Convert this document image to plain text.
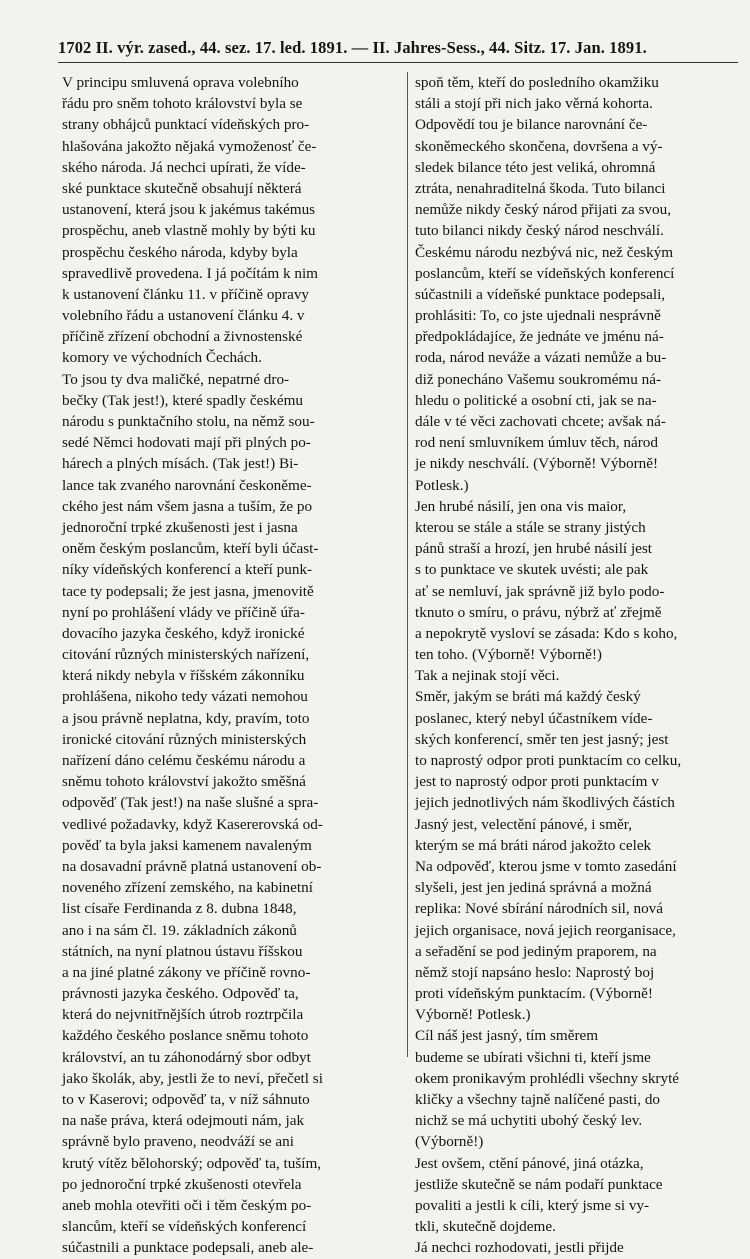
1702 II. výr. zased., 44. sez. 17. led. 1891. — II. Jahres-Sess., 44. Sitz. 17. Jan. 1891.
V principu smluvená oprava volebního
řádu pro sněm tohoto království byla se
strany obhájců punktací vídeňských pro-
hlašována jakožto nějaká vymoženosť če-
ského národa. Já nechci upírati, že víde-
ské punktace skutečně obsahují některá
ustanovení, která jsou k jakémus takémus
prospěchu, aneb vlastně mohly by býti ku
prospěchu českého národa, kdyby byla
spravedlivě provedena. I já počítám k nim
k ustanovení článku 11. v příčině opravy
volebního řádu a ustanovení článku 4. v
příčině zřízení obchodní a živnostenské
komory ve východních Čechách.
To jsou ty dva maličké, nepatrné dro-
bečky (Tak jest!), které spadly českému
národu s punktačního stolu, na němž sou-
sedé Němci hodovati mají při plných po-
hárech a plných mísách. (Tak jest!) Bi-
lance tak zvaného narovnání českoněme-
ckého jest nám všem jasna a tuším, že po
jednoroční trpké zkušenosti jest i jasna
oněm českým poslancům, kteří byli účast-
níky vídeňských konferencí a kteří punk-
tace ty podepsali; že jest jasna, jmenovitě
nyní po prohlášení vlády ve příčině úřa-
dovacího jazyka českého, když ironické
citování různých ministerských nařízení,
která nikdy nebyla v říšském zákonníku
prohlášena, nikoho tedy vázati nemohou
a jsou právně neplatna, kdy, pravím, toto
ironické citování různých ministerských
nařízení dáno celému českému národu a
sněmu tohoto království jakožto směšná
odpověď (Tak jest!) na naše slušné a spra-
vedlivé požadavky, když Kasererovská od-
pověď ta byla jaksi kamenem navaleným
na dosavadní právně platná ustanovení ob-
noveného zřízení zemského, na kabinetní
list císaře Ferdinanda z 8. dubna 1848,
ano i na sám čl. 19. základních zákonů
státních, na nyní platnou ústavu říšskou
a na jiné platné zákony ve příčině rovno-
právnosti jazyka českého. Odpověď ta,
která do nejvnitřnějších útrob roztrpčila
každého českého poslance sněmu tohoto
království, an tu záhonodárný sbor odbyt
jako školák, aby, jestli že to neví, přečetl si
to v Kaserovi; odpověď ta, v níž sáhnuto
na naše práva, která odejmouti nám, jak
správně bylo praveno, neodváží se ani
krutý vítěz bělohorský; odpověď ta, tuším,
po jednoroční trpké zkušenosti otevřela
aneb mohla otevřiti oči i těm českým po-
slancům, kteří se vídeňských konferencí
súčastnili a punktace podepsali, aneb ale-
spoň těm, kteří do posledního okamžiku
stáli a stojí při nich jako věrná kohorta.
Odpovědí tou je bilance narovnání če-
skoněmeckého skončena, dovršena a vý-
sledek bilance této jest veliká, ohromná
ztráta, nenahraditelná škoda. Tuto bilanci
nemůže nikdy český národ přijati za svou,
tuto bilanci nikdy český národ neschválí.
Českému národu nezbývá nic, než českým
poslancům, kteří se vídeňských konferencí
súčastnili a vídeňské punktace podepsali,
prohlásiti: To, co jste ujednali nesprávně
předpokládajíce, že jednáte ve jménu ná-
roda, národ neváže a vázati nemůže a bu-
diž ponecháno Vašemu soukromému ná-
hledu o politické a osobní cti, jak se na-
dále v té věci zachovati chcete; avšak ná-
rod není smluvníkem úmluv těch, národ
je nikdy neschválí. (Výborně! Výborně!
Potlesk.)
Jen hrubé násilí, jen ona vis maior,
kterou se stále a stále se strany jistých
pánů straší a hrozí, jen hrubé násilí jest
s to punktace ve skutek uvésti; ale pak
ať se nemluví, jak správně již bylo podo-
tknuto o smíru, o právu, nýbrž ať zřejmě
a nepokrytě vysloví se zásada: Kdo s koho,
ten toho. (Výborně! Výborně!)
Tak a nejinak stojí věci.
Směr, jakým se bráti má každý český
poslanec, který nebyl účastníkem víde-
ských konferencí, směr ten jest jasný; jest
to naprostý odpor proti punktacím co celku,
jest to naprostý odpor proti punktacím v
jejich jednotlivých nám škodlivých částích
Jasný jest, velectění pánové, i směr,
kterým se má bráti národ jakožto celek
Na odpověď, kterou jsme v tomto zasedání
slyšeli, jest jen jediná správná a možná
replika: Nové sbírání národních sil, nová
jejich organisace, nová jejich reorganisace,
a seřadění se pod jediným praporem, na
němž stojí napsáno heslo: Naprostý boj
proti vídeňským punktacím. (Výborně!
Výborně! Potlesk.)
Cíl náš jest jasný, tím směrem
budeme se ubírati všichni ti, kteří jsme
okem pronikavým prohlédli všechny skryté
kličky a všechny tajně nalíčené pasti, do
nichž se má uchytiti ubohý český lev.
(Výborně!)
Jest ovšem, ctění pánové, jiná otázka,
jestliže skutečně se nám podaří punktace
povaliti a jestli k cíli, který jsme si vy-
tkli, skutečně dojdeme.
Já nechci rozhodovati, jestli přijde
